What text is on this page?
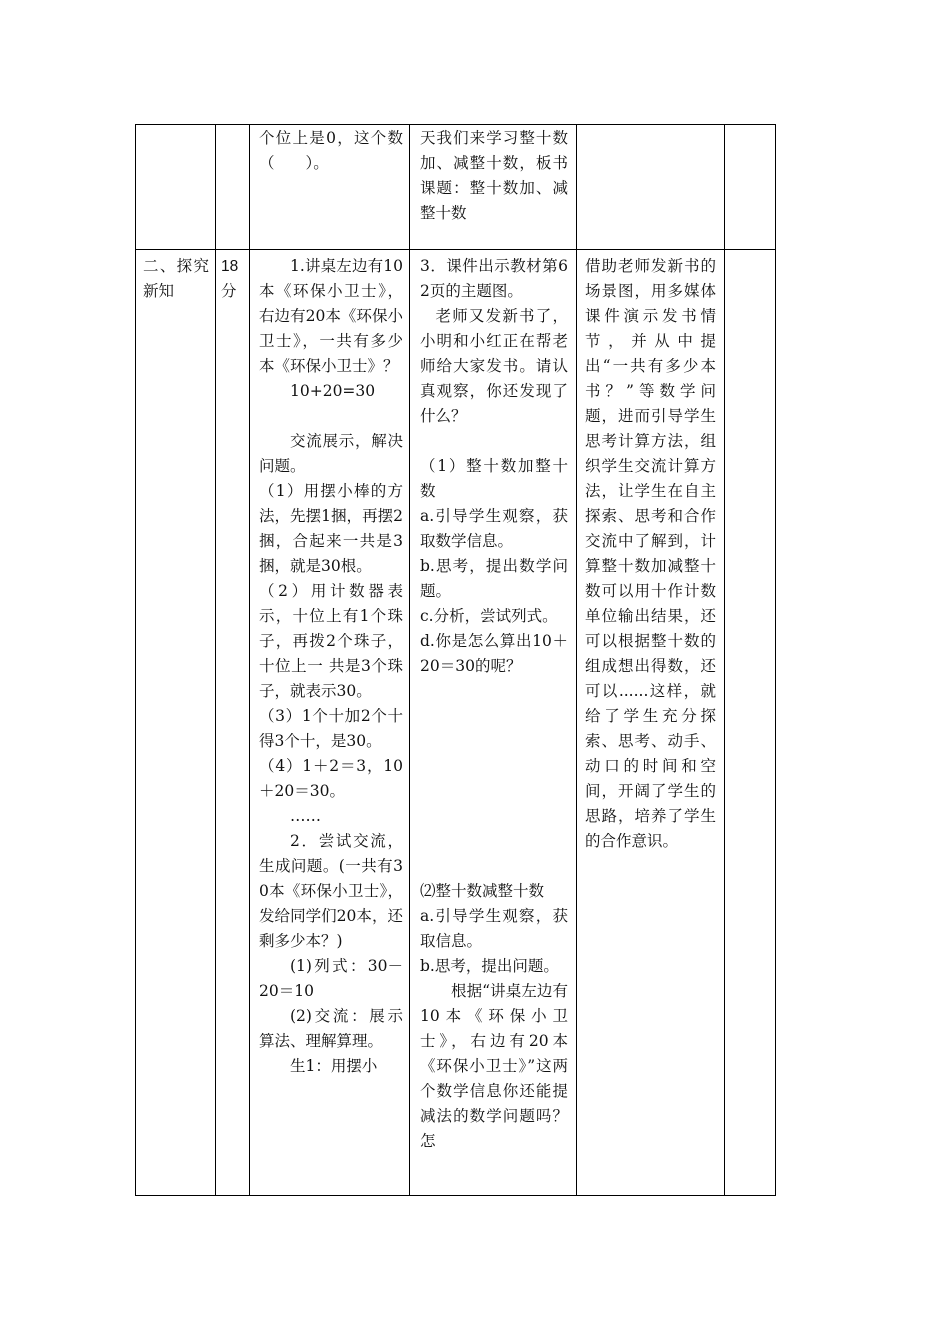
个位上是0，这个数（　　）。

天我们来学习整十数加、减整十数，板书课题：整十数加、减整十数

二、探究新知

18分

1.讲桌左边有10本《环保小卫士》，右边有20本《环保小卫士》，一共有多少本《环保小卫士》？

10+20=30

交流展示，解决问题。

（1）用摆小棒的方法，先摆1捆，再摆2捆，合起来一共是3捆，就是30根。

（2）用计数器表示，十位上有1个珠子，再拨2个珠子，十位上一 共是3个珠子，就表示30。

（3）1个十加2个十得3个十，是30。

（4）1＋2＝3，10＋20＝30。

……

2．尝试交流，生成问题。(一共有30本《环保小卫士》，发给同学们20本，还剩多少本？)

(1)列式：30－20＝10

(2)交流：展示算法、理解算理。

生1：用摆小

3．课件出示教材第62页的主题图。

老师又发新书了，小明和小红正在帮老师给大家发书。请认真观察，你还发现了什么？

（1）整十数加整十数

a.引导学生观察，获取数学信息。

b.思考，提出数学问题。

c.分析，尝试列式。

d.你是怎么算出10＋20＝30的呢？

⑵整十数减整十数

a.引导学生观察，获取信息。

b.思考，提出问题。

根据“讲桌左边有10本《环保小卫士》，右边有20本《环保小卫士》”这两个数学信息你还能提减法的数学问题吗？怎

借助老师发新书的场景图，用多媒体课件演示发书情节，并从中提出“一共有多少本书？”等数学问题，进而引导学生思考计算方法，组织学生交流计算方法，让学生在自主探索、思考和合作交流中了解到，计算整十数加减整十数可以用十作计数单位输出结果，还可以根据整十数的组成想出得数，还可以......这样，就给了学生充分探索、思考、动手、动口的时间和空间，开阔了学生的思路，培养了学生的合作意识。
